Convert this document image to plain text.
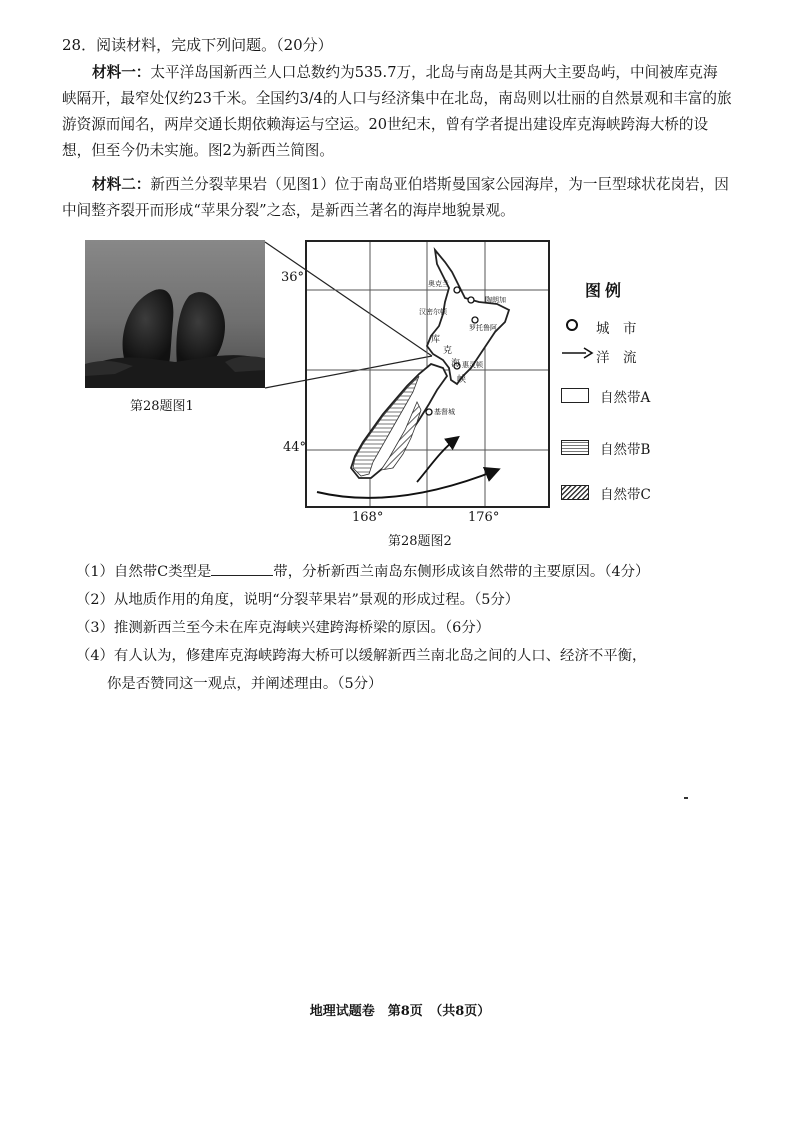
28．阅读材料，完成下列问题。（20分）
材料一：太平洋岛国新西兰人口总数约为535.7万，北岛与南岛是其两大主要岛屿，中间被库克海峡隔开，最窄处仅约23千米。全国约3/4的人口与经济集中在北岛，南岛则以壮丽的自然景观和丰富的旅游资源而闻名，两岸交通长期依赖海运与空运。20世纪末，曾有学者提出建设库克海峡跨海大桥的设想，但至今仍未实施。图2为新西兰简图。
材料二：新西兰分裂苹果岩（见图1）位于南岛亚伯塔斯曼国家公园海岸，为一巨型球状花岗岩，因中间整齐裂开而形成“苹果分裂”之态，是新西兰著名的海岸地貌景观。
第28题图1
奥克兰
汉密尔顿
陶朗加
罗托鲁阿
惠灵顿
基督城
库
克
海
峡
36°
44°
168°	176°
第28题图2
图例
城　市
洋　流
自然带A
自然带B
自然带C
（1）自然带C类型是	带，分析新西兰南岛东侧形成该自然带的主要原因。（4分）
（2）从地质作用的角度，说明“分裂苹果岩”景观的形成过程。（5分）
（3）推测新西兰至今未在库克海峡兴建跨海桥梁的原因。（6分）
（4）有人认为，修建库克海峡跨海大桥可以缓解新西兰南北岛之间的人口、经济不平衡，
你是否赞同这一观点，并阐述理由。（5分）
地理试题卷　第8页　（共8页）
